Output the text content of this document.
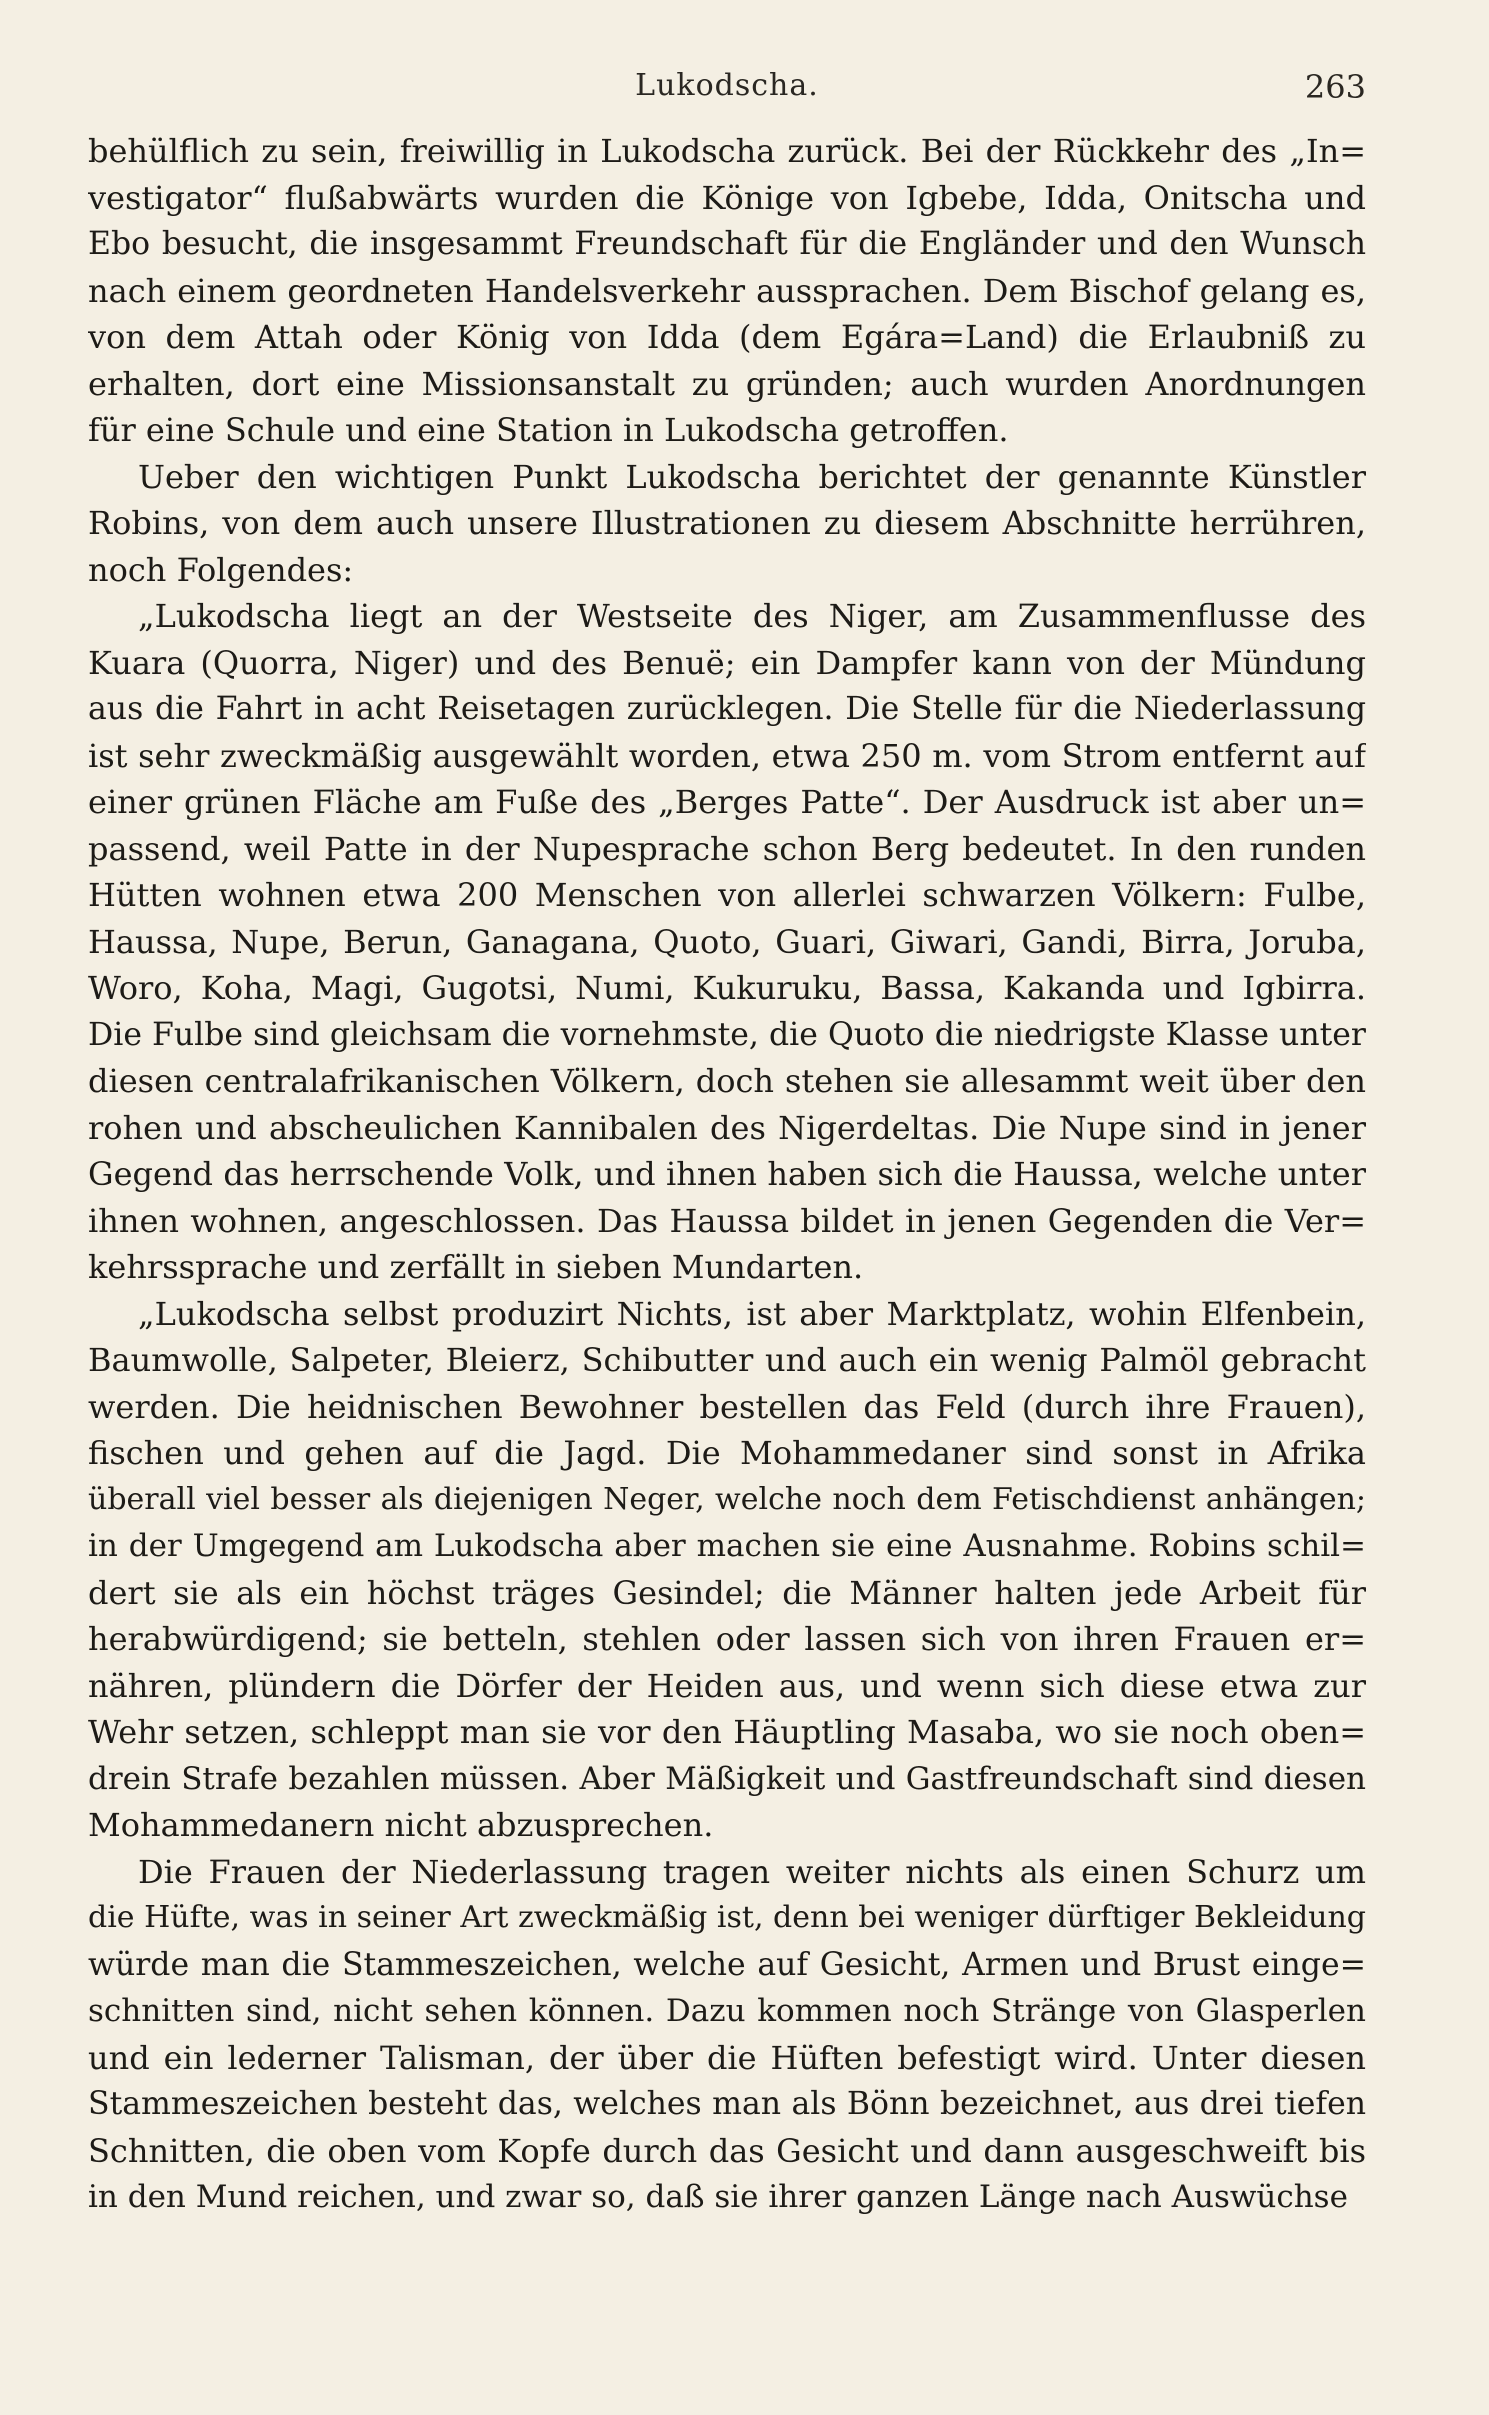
Lukodscha.	263
behülflich zu sein, freiwillig in Lukodscha zurück. Bei der Rückkehr des „In=
vestigator“ flußabwärts wurden die Könige von Igbebe, Idda, Onitscha und
Ebo besucht, die insgesammt Freundschaft für die Engländer und den Wunsch
nach einem geordneten Handelsverkehr aussprachen. Dem Bischof gelang es,
von dem Attah oder König von Idda (dem Egára=Land) die Erlaubniß zu
erhalten, dort eine Missionsanstalt zu gründen; auch wurden Anordnungen
für eine Schule und eine Station in Lukodscha getroffen.
Ueber den wichtigen Punkt Lukodscha berichtet der genannte Künstler
Robins, von dem auch unsere Illustrationen zu diesem Abschnitte herrühren,
noch Folgendes:
„Lukodscha liegt an der Westseite des Niger, am Zusammenflusse des
Kuara (Quorra, Niger) und des Benuë; ein Dampfer kann von der Mündung
aus die Fahrt in acht Reisetagen zurücklegen. Die Stelle für die Niederlassung
ist sehr zweckmäßig ausgewählt worden, etwa 250 m. vom Strom entfernt auf
einer grünen Fläche am Fuße des „Berges Patte“. Der Ausdruck ist aber un=
passend, weil Patte in der Nupesprache schon Berg bedeutet. In den runden
Hütten wohnen etwa 200 Menschen von allerlei schwarzen Völkern: Fulbe,
Haussa, Nupe, Berun, Ganagana, Quoto, Guari, Giwari, Gandi, Birra, Joruba,
Woro, Koha, Magi, Gugotsi, Numi, Kukuruku, Bassa, Kakanda und Igbirra.
Die Fulbe sind gleichsam die vornehmste, die Quoto die niedrigste Klasse unter
diesen centralafrikanischen Völkern, doch stehen sie allesammt weit über den
rohen und abscheulichen Kannibalen des Nigerdeltas. Die Nupe sind in jener
Gegend das herrschende Volk, und ihnen haben sich die Haussa, welche unter
ihnen wohnen, angeschlossen. Das Haussa bildet in jenen Gegenden die Ver=
kehrssprache und zerfällt in sieben Mundarten.
„Lukodscha selbst produzirt Nichts, ist aber Marktplatz, wohin Elfenbein,
Baumwolle, Salpeter, Bleierz, Schibutter und auch ein wenig Palmöl gebracht
werden. Die heidnischen Bewohner bestellen das Feld (durch ihre Frauen),
fischen und gehen auf die Jagd. Die Mohammedaner sind sonst in Afrika
überall viel besser als diejenigen Neger, welche noch dem Fetischdienst anhängen;
in der Umgegend am Lukodscha aber machen sie eine Ausnahme. Robins schil=
dert sie als ein höchst träges Gesindel; die Männer halten jede Arbeit für
herabwürdigend; sie betteln, stehlen oder lassen sich von ihren Frauen er=
nähren, plündern die Dörfer der Heiden aus, und wenn sich diese etwa zur
Wehr setzen, schleppt man sie vor den Häuptling Masaba, wo sie noch oben=
drein Strafe bezahlen müssen. Aber Mäßigkeit und Gastfreundschaft sind diesen
Mohammedanern nicht abzusprechen.
Die Frauen der Niederlassung tragen weiter nichts als einen Schurz um
die Hüfte, was in seiner Art zweckmäßig ist, denn bei weniger dürftiger Bekleidung
würde man die Stammeszeichen, welche auf Gesicht, Armen und Brust einge=
schnitten sind, nicht sehen können. Dazu kommen noch Stränge von Glasperlen
und ein lederner Talisman, der über die Hüften befestigt wird. Unter diesen
Stammeszeichen besteht das, welches man als Bönn bezeichnet, aus drei tiefen
Schnitten, die oben vom Kopfe durch das Gesicht und dann ausgeschweift bis
in den Mund reichen, und zwar so, daß sie ihrer ganzen Länge nach Auswüchse
